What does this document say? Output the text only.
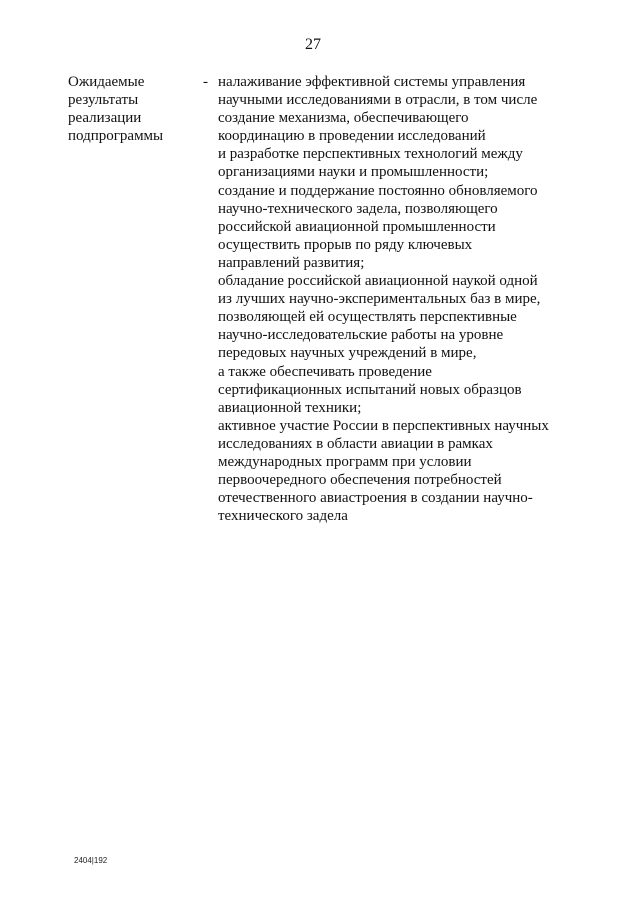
27
Ожидаемые
результаты
реализации
подпрограммы
- налаживание эффективной системы управления
научными исследованиями в отрасли, в том числе
создание механизма, обеспечивающего
координацию в проведении исследований
и разработке перспективных технологий между
организациями науки и промышленности;
создание и поддержание постоянно обновляемого
научно-технического задела, позволяющего
российской авиационной промышленности
осуществить прорыв по ряду ключевых
направлений развития;
обладание российской авиационной наукой одной
из лучших научно-экспериментальных баз в мире,
позволяющей ей осуществлять перспективные
научно-исследовательские работы на уровне
передовых научных учреждений в мире,
а также обеспечивать проведение
сертификационных испытаний новых образцов
авиационной техники;
активное участие России в перспективных научных
исследованиях в области авиации в рамках
международных программ при условии
первоочередного обеспечения потребностей
отечественного авиастроения в создании научно-
технического задела
2404|192
